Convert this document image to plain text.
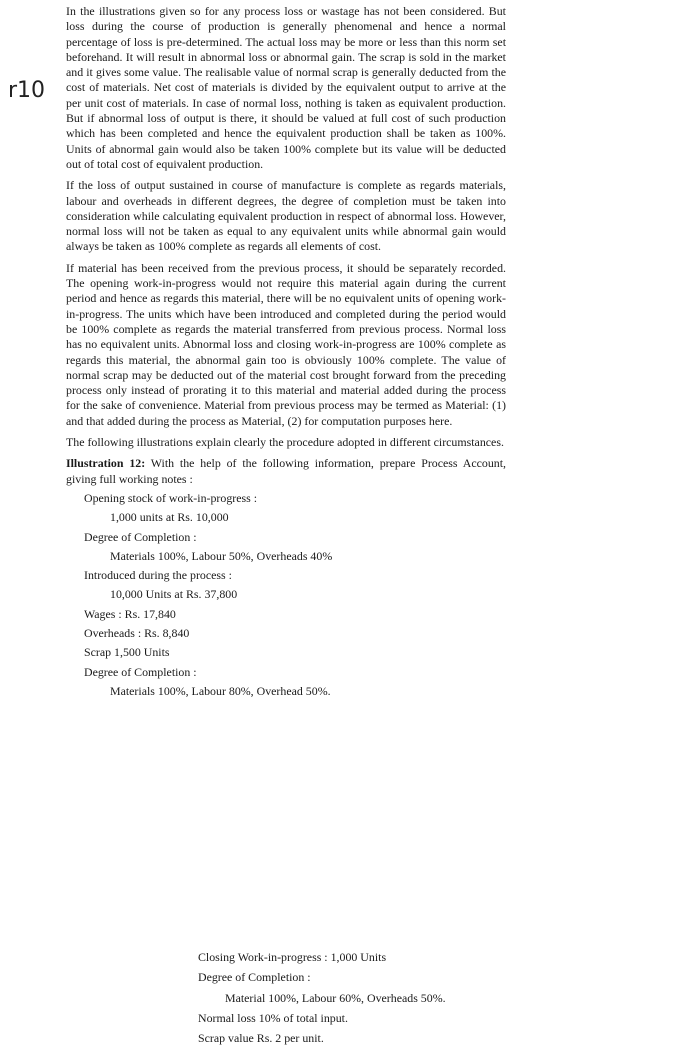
r10

In the illustrations given so for any process loss or wastage has not been considered. But loss during the course of production is generally phenomenal and hence a normal percentage of loss is pre-determined. The actual loss may be more or less than this norm set beforehand. It will result in abnormal loss or abnormal gain. The scrap is sold in the market and it gives some value. The realisable value of normal scrap is generally deducted from the cost of materials. Net cost of materials is divided by the equivalent output to arrive at the per unit cost of materials. In case of normal loss, nothing is taken as equivalent production. But if abnormal loss of output is there, it should be valued at full cost of such production which has been completed and hence the equivalent production shall be taken as 100%. Units of abnormal gain would also be taken 100% complete but its value will be deducted out of total cost of equivalent production.

If the loss of output sustained in course of manufacture is complete as regards materials, labour and overheads in different degrees, the degree of completion must be taken into consideration while calculating equivalent production in respect of abnormal loss. However, normal loss will not be taken as equal to any equivalent units while abnormal gain would always be taken as 100% complete as regards all elements of cost.

If material has been received from the previous process, it should be separately recorded. The opening work-in-progress would not require this material again during the current period and hence as regards this material, there will be no equivalent units of opening work-in-progress. The units which have been introduced and completed during the period would be 100% complete as regards the material transferred from previous process. Normal loss has no equivalent units. Abnormal loss and closing work-in-progress are 100% complete as regards this material, the abnormal gain too is obviously 100% complete. The value of normal scrap may be deducted out of the material cost brought forward from the preceding process only instead of prorating it to this material and material added during the process for the sake of convenience. Material from previous process may be termed as Material: (1) and that added during the process as Material, (2) for computation purposes here.

The following illustrations explain clearly the procedure adopted in different circumstances.

Illustration 12: With the help of the following information, prepare Process Account, giving full working notes :

Opening stock of work-in-progress :
1,000 units at Rs. 10,000
Degree of Completion :
Materials 100%, Labour 50%, Overheads 40%
Introduced during the process :
10,000 Units at Rs. 37,800
Wages : Rs. 17,840
Overheads : Rs. 8,840
Scrap 1,500 Units
Degree of Completion :
Materials 100%, Labour 80%, Overhead 50%.
Closing Work-in-progress : 1,000 Units
Degree of Completion :
Material 100%, Labour 60%, Overheads 50%.
Normal loss 10% of total input.
Scrap value Rs. 2 per unit.
